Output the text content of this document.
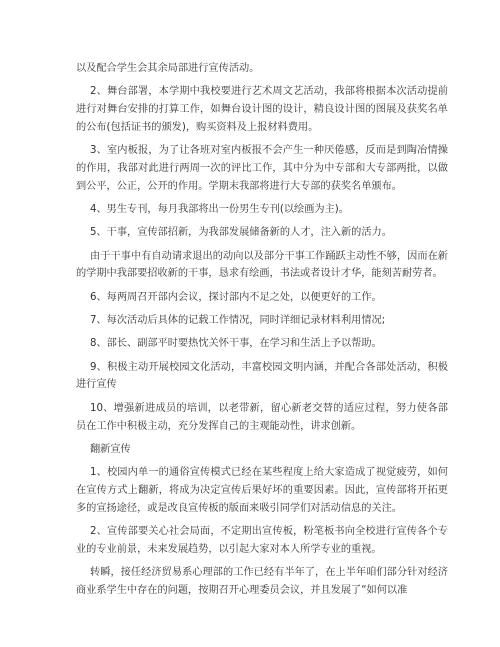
以及配合学生会其余局部进行宣传活动。

2、舞台部署，本学期中我校要进行艺术周文艺活动，我部将根据本次活动提前进行对舞台安排的打算工作，如舞台设计图的设计，精良设计图的图展及获奖名单的公布(包括证书的颁发)，购买资料及上报材料费用。

3、室内板报，为了让各班对室内板报不会产生一种厌倦感，反而是到陶冶情操的作用，我部对此进行两周一次的评比工作，其中分为中专部和大专部两批，以做到公平，公正，公开的作用。学期末我部将进行大专部的获奖名单颁布。

4、男生专刊，每月我部将出一份男生专刊(以绘画为主)。

5、干事，宣传部招新，为我部发展储备新的人才，注入新的活力。

由于干事中有自动请求退出的动向以及部分干事工作踊跃主动性不够，因而在新的学期中我部要招收新的干事，恳求有绘画，书法或者设计才华，能刻苦耐劳者。

6、每两周召开部内会议，探讨部内不足之处，以便更好的工作。

7、每次活动后具体的记载工作情况，同时详细记录材料利用情况;

8、部长、副部平时要热忱关怀干事，在学习和生活上予以帮助。

9、积极主动开展校园文化活动，丰富校园文明内涵，并配合各部处活动，积极进行宣传

10、增强新进成员的培训，以老带新，留心新老交替的适应过程，努力使各部员在工作中积极主动，充分发挥自己的主观能动性，讲求创新。

翻新宣传

1、校园内单一的通俗宣传模式已经在某些程度上给大家造成了视觉疲劳，如何在宣传方式上翻新，将成为决定宣传后果好坏的重要因素。因此，宣传部将开拓更多的宣扬途径，或是改良宣传板的版面来吸引同学们对活动信息的关注。

2、宣传部要关心社会局面，不定期出宣传板，粉笔板书向全校进行宣传各个专业的专业前景，未来发展趋势，以引起大家对本人所学专业的重视。

转瞬，接任经济贸易系心理部的工作已经有半年了，在上半年咱们部分针对经济商业系学生中存在的问题，按期召开心理委员会议，并且发展了“如何以准
